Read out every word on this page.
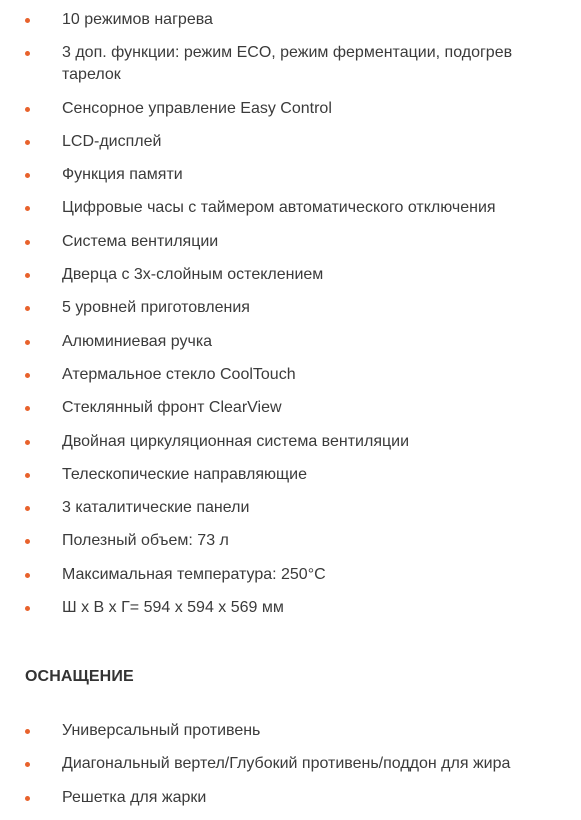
10 режимов нагрева
3 доп. функции: режим ECO, режим ферментации, подогрев тарелок
Сенсорное управление Easy Control
LCD-дисплей
Функция памяти
Цифровые часы с таймером автоматического отключения
Система вентиляции
Дверца с 3х-слойным остеклением
5 уровней приготовления
Алюминиевая ручка
Атермальное стекло CoolTouch
Стеклянный фронт ClearView
Двойная циркуляционная система вентиляции
Телескопические направляющие
3 каталитические панели
Полезный объем: 73 л
Максимальная температура: 250°C
Ш х В х Г= 594 х 594 х 569 мм
ОСНАЩЕНИЕ
Универсальный противень
Диагональный вертел/Глубокий противень/поддон для жира
Решетка для жарки
